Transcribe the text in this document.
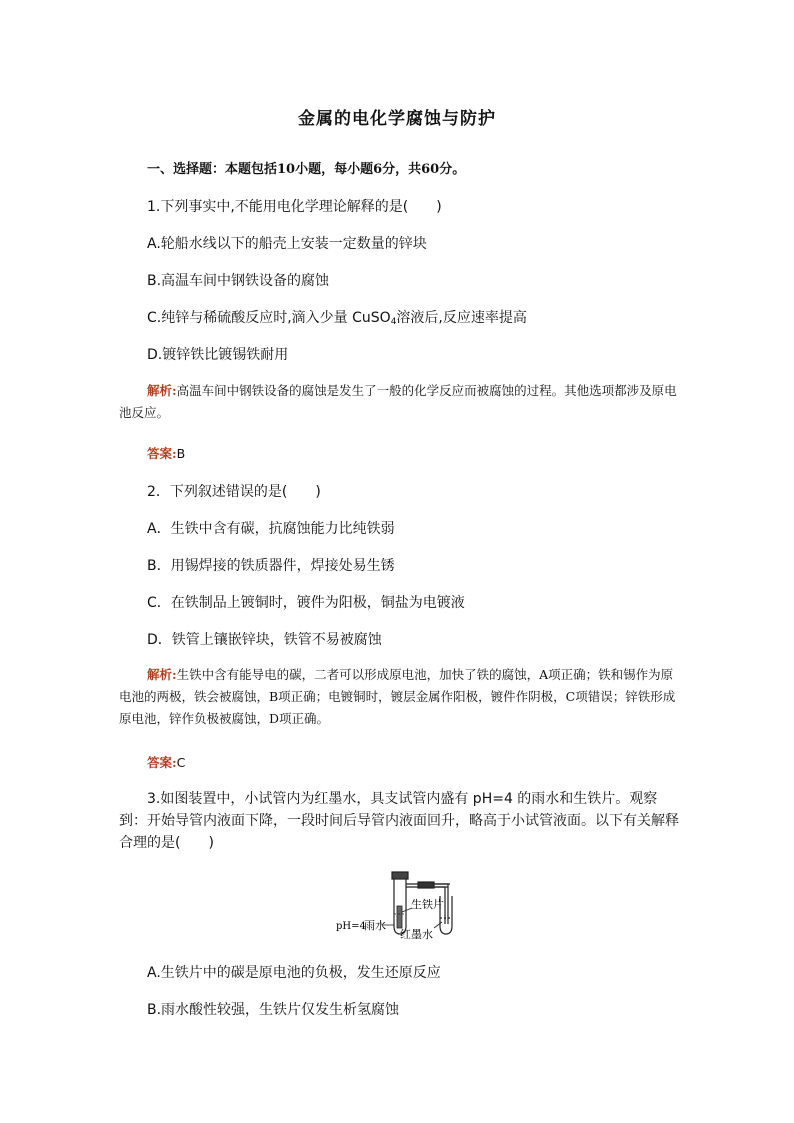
金属的电化学腐蚀与防护
一、选择题：本题包括10小题，每小题6分，共60分。
1.下列事实中,不能用电化学理论解释的是(　　)
A.轮船水线以下的船壳上安装一定数量的锌块
B.高温车间中钢铁设备的腐蚀
C.纯锌与稀硫酸反应时,滴入少量 CuSO$_4$溶液后,反应速率提高
D.镀锌铁比镀锡铁耐用
解析:高温车间中钢铁设备的腐蚀是发生了一般的化学反应而被腐蚀的过程。其他选项都涉及原电池反应。
答案:B
2．下列叙述错误的是(　　)
A．生铁中含有碳，抗腐蚀能力比纯铁弱
B．用锡焊接的铁质器件，焊接处易生锈
C．在铁制品上镀铜时，镀件为阳极，铜盐为电镀液
D．铁管上镶嵌锌块，铁管不易被腐蚀
解析:生铁中含有能导电的碳，二者可以形成原电池，加快了铁的腐蚀，A项正确；铁和锡作为原电池的两极，铁会被腐蚀，B项正确；电镀铜时，镀层金属作阳极，镀件作阴极，C项错误；锌铁形成原电池，锌作负极被腐蚀，D项正确。
答案:C
3.如图装置中，小试管内为红墨水，具支试管内盛有 pH=4 的雨水和生铁片。观察到：开始导管内液面下降，一段时间后导管内液面回升，略高于小试管液面。以下有关解释合理的是(　　)
生铁片
pH=4
雨水
红墨水
A.生铁片中的碳是原电池的负极，发生还原反应
B.雨水酸性较强，生铁片仅发生析氢腐蚀
